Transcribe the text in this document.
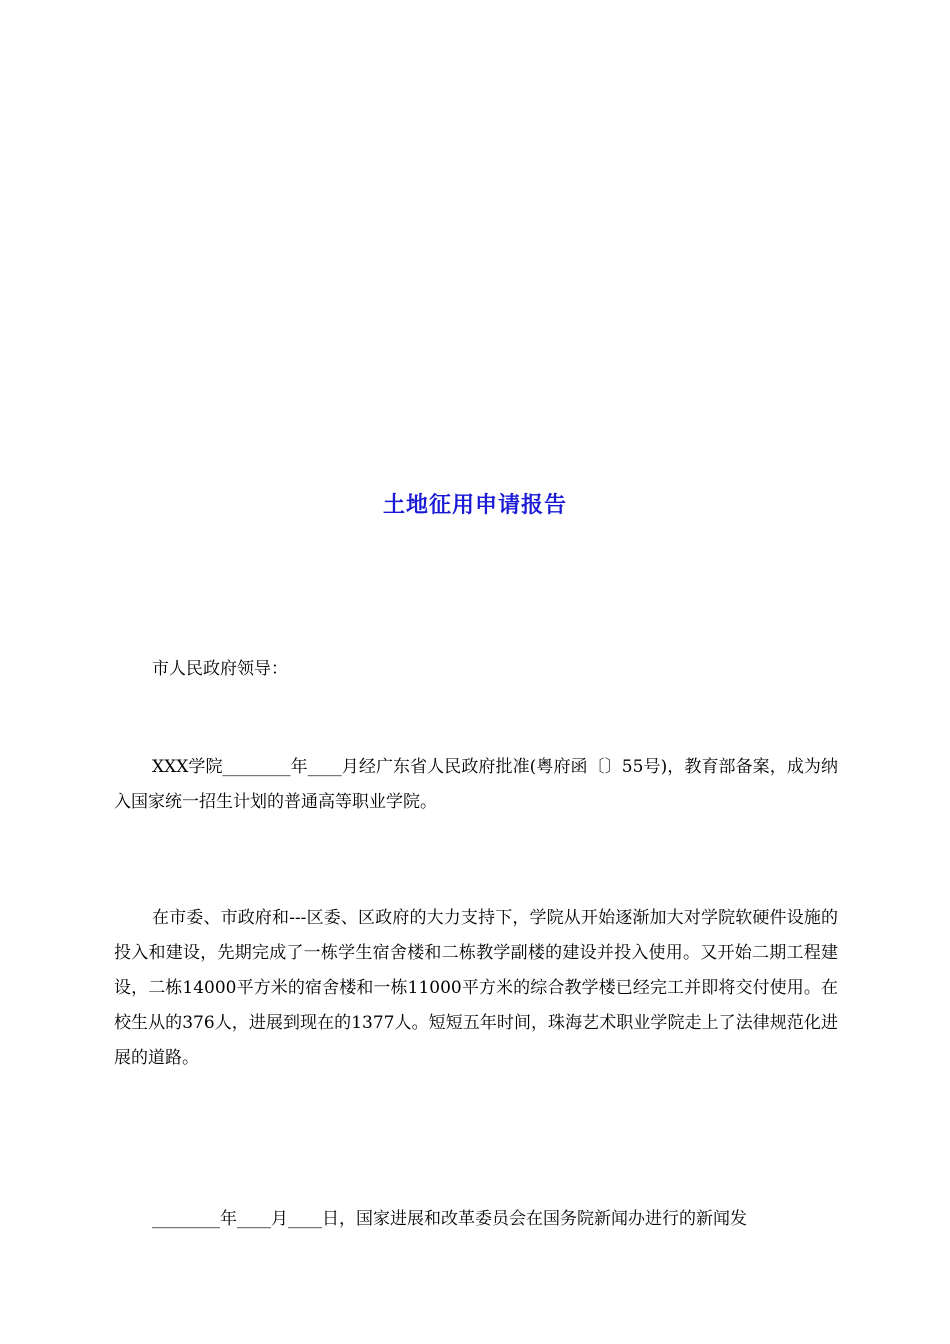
土地征用申请报告

市人民政府领导：

XXX学院________年____月经广东省人民政府批准(粤府函〔〕55号)，教育部备案，成为纳入国家统一招生计划的普通高等职业学院。

在市委、市政府和---区委、区政府的大力支持下，学院从开始逐渐加大对学院软硬件设施的投入和建设，先期完成了一栋学生宿舍楼和二栋教学副楼的建设并投入使用。又开始二期工程建设，二栋14000平方米的宿舍楼和一栋11000平方米的综合教学楼已经完工并即将交付使用。在校生从的376人，进展到现在的1377人。短短五年时间，珠海艺术职业学院走上了法律规范化进展的道路。

________年____月____日，国家进展和改革委员会在国务院新闻办进行的新闻发
